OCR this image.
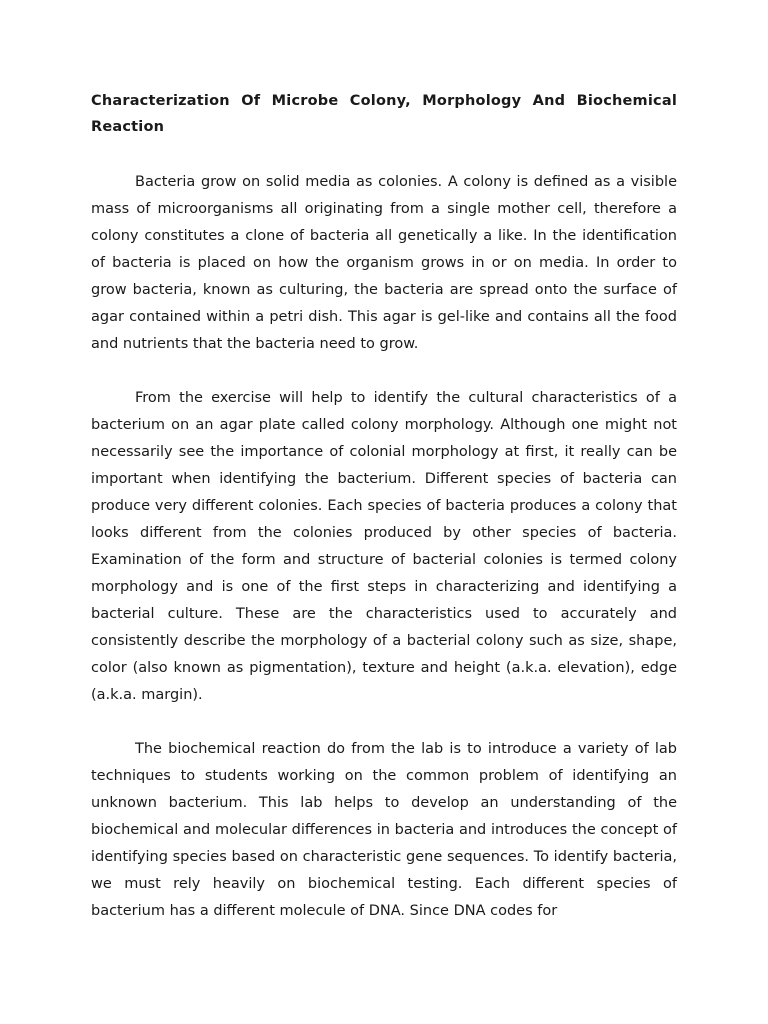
Characterization Of Microbe Colony, Morphology And Biochemical Reaction

Bacteria grow on solid media as colonies. A colony is defined as a visible mass of microorganisms all originating from a single mother cell, therefore a colony constitutes a clone of bacteria all genetically a like. In the identification of bacteria is placed on how the organism grows in or on media. In order to grow bacteria, known as culturing, the bacteria are spread onto the surface of agar contained within a petri dish. This agar is gel-like and contains all the food and nutrients that the bacteria need to grow.

From the exercise will help to identify the cultural characteristics of a bacterium on an agar plate called colony morphology. Although one might not necessarily see the importance of colonial morphology at first, it really can be important when identifying the bacterium. Different species of bacteria can produce very different colonies. Each species of bacteria produces a colony that looks different from the colonies produced by other species of bacteria. Examination of the form and structure of bacterial colonies is termed colony morphology and is one of the first steps in characterizing and identifying a bacterial culture. These are the characteristics used to accurately and consistently describe the morphology of a bacterial colony such as size, shape, color (also known as pigmentation), texture and height (a.k.a. elevation), edge (a.k.a. margin).

The biochemical reaction do from the lab is to introduce a variety of lab techniques to students working on the common problem of identifying an unknown bacterium. This lab helps to develop an understanding of the biochemical and molecular differences in bacteria and introduces the concept of identifying species based on characteristic gene sequences. To identify bacteria, we must rely heavily on biochemical testing. Each different species of bacterium has a different molecule of DNA. Since DNA codes for
